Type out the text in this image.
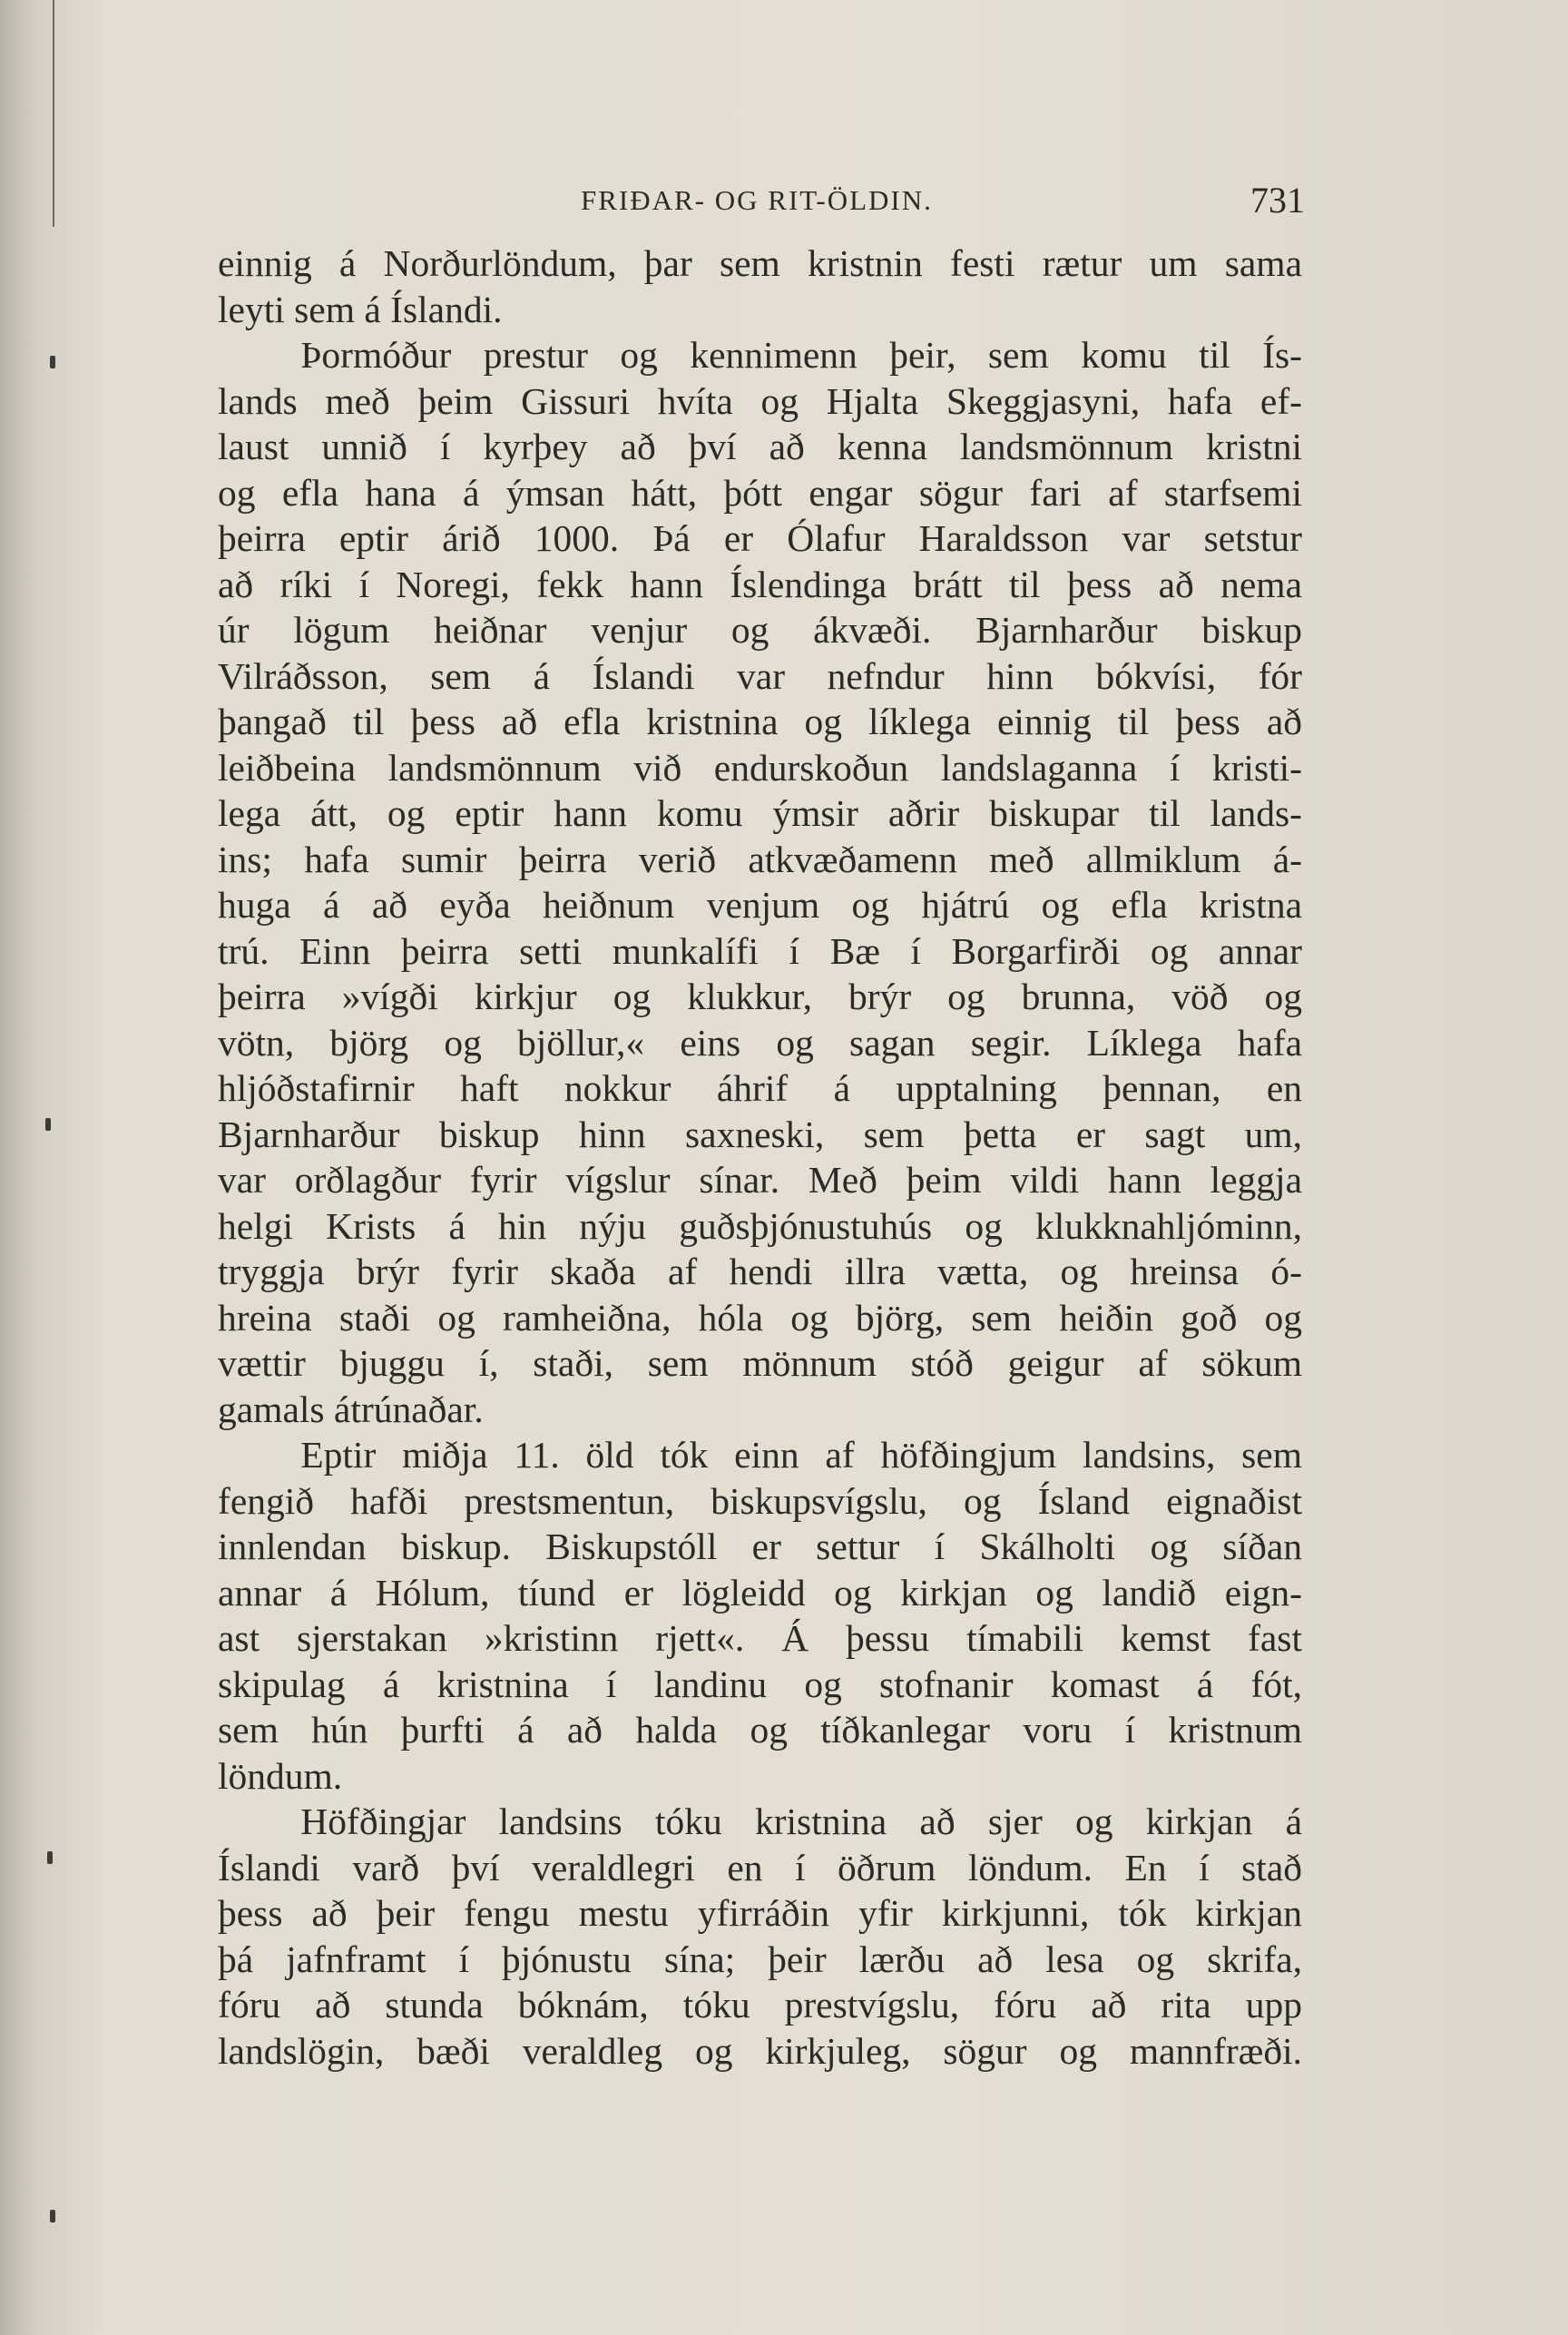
FRIÐAR- OG RIT-ÖLDIN.	731
einnig á Norðurlöndum, þar sem kristnin festi rætur um sama
leyti sem á Íslandi.
Þormóður prestur og kennimenn þeir, sem komu til Ís-
lands með þeim Gissuri hvíta og Hjalta Skeggjasyni, hafa ef-
laust unnið í kyrþey að því að kenna landsmönnum kristni
og efla hana á ýmsan hátt, þótt engar sögur fari af starfsemi
þeirra eptir árið 1000. Þá er Ólafur Haraldsson var setstur
að ríki í Noregi, fekk hann Íslendinga brátt til þess að nema
úr lögum heiðnar venjur og ákvæði. Bjarnharður biskup
Vilráðsson, sem á Íslandi var nefndur hinn bókvísi, fór
þangað til þess að efla kristnina og líklega einnig til þess að
leiðbeina landsmönnum við endurskoðun landslaganna í kristi-
lega átt, og eptir hann komu ýmsir aðrir biskupar til lands-
ins; hafa sumir þeirra verið atkvæðamenn með allmiklum á-
huga á að eyða heiðnum venjum og hjátrú og efla kristna
trú. Einn þeirra setti munkalífi í Bæ í Borgarfirði og annar
þeirra »vígði kirkjur og klukkur, brýr og brunna, vöð og
vötn, björg og bjöllur,« eins og sagan segir. Líklega hafa
hljóðstafirnir haft nokkur áhrif á upptalning þennan, en
Bjarnharður biskup hinn saxneski, sem þetta er sagt um,
var orðlagður fyrir vígslur sínar. Með þeim vildi hann leggja
helgi Krists á hin nýju guðsþjónustuhús og klukknahljóminn,
tryggja brýr fyrir skaða af hendi illra vætta, og hreinsa ó-
hreina staði og ramheiðna, hóla og björg, sem heiðin goð og
vættir bjuggu í, staði, sem mönnum stóð geigur af sökum
gamals átrúnaðar.
Eptir miðja 11. öld tók einn af höfðingjum landsins, sem
fengið hafði prestsmentun, biskupsvígslu, og Ísland eignaðist
innlendan biskup. Biskupstóll er settur í Skálholti og síðan
annar á Hólum, tíund er lögleidd og kirkjan og landið eign-
ast sjerstakan »kristinn rjett«. Á þessu tímabili kemst fast
skipulag á kristnina í landinu og stofnanir komast á fót,
sem hún þurfti á að halda og tíðkanlegar voru í kristnum
löndum.
Höfðingjar landsins tóku kristnina að sjer og kirkjan á
Íslandi varð því veraldlegri en í öðrum löndum. En í stað
þess að þeir fengu mestu yfirráðin yfir kirkjunni, tók kirkjan
þá jafnframt í þjónustu sína; þeir lærðu að lesa og skrifa,
fóru að stunda bóknám, tóku prestvígslu, fóru að rita upp
landslögin, bæði veraldleg og kirkjuleg, sögur og mannfræði.
